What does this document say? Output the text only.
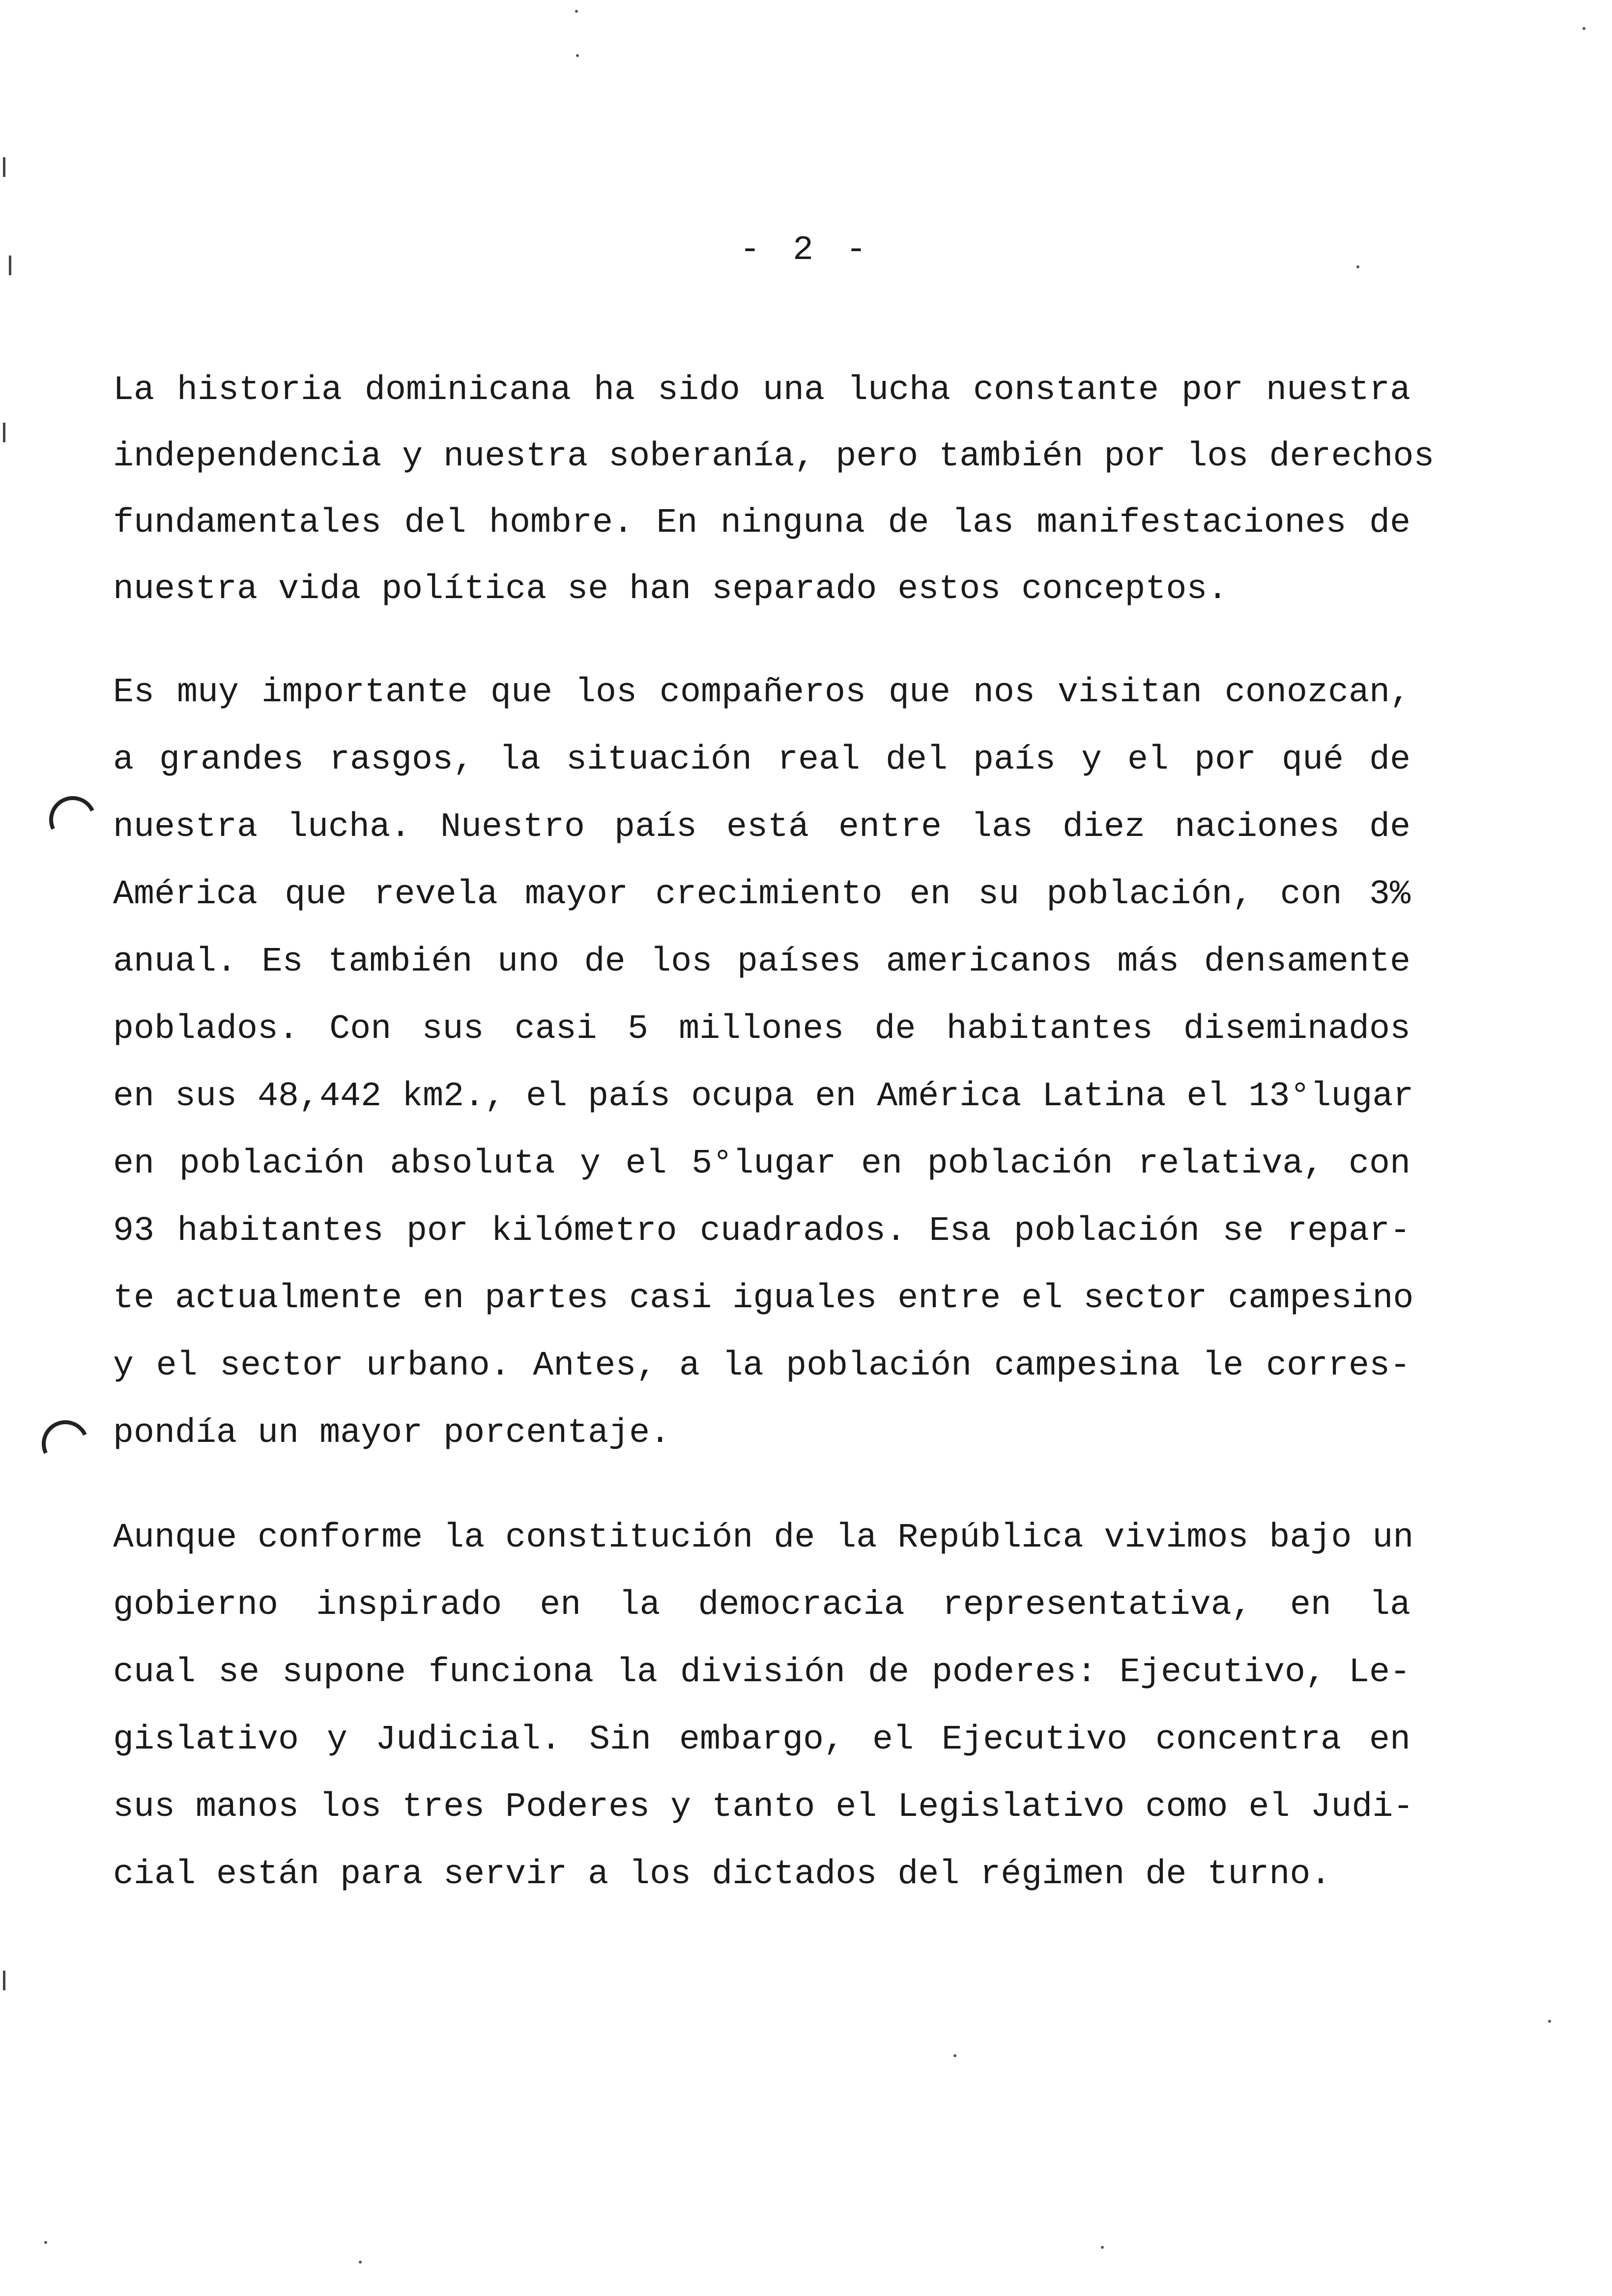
- 2 -
La historia dominicana ha sido una lucha constante por nuestra
independencia y nuestra soberanía, pero también por los derechos
fundamentales del hombre. En ninguna de las manifestaciones de
nuestra vida política se han separado estos conceptos.
Es muy importante que los compañeros que nos visitan conozcan,
a grandes rasgos, la situación real del país y el por qué de
nuestra lucha. Nuestro país está entre las diez naciones de
América que revela mayor crecimiento en su población, con 3%
anual. Es también uno de los países americanos más densamente
poblados. Con sus casi 5 millones de habitantes diseminados
en sus 48,442 km2., el país ocupa en América Latina el 13°lugar
en población absoluta y el 5°lugar en población relativa, con
93 habitantes por kilómetro cuadrados. Esa población se repar-
te actualmente en partes casi iguales entre el sector campesino
y el sector urbano. Antes, a la población campesina le corres-
pondía un mayor porcentaje.
Aunque conforme la constitución de la República vivimos bajo un
gobierno inspirado en la democracia representativa, en la
cual se supone funciona la división de poderes: Ejecutivo, Le-
gislativo y Judicial. Sin embargo, el Ejecutivo concentra en
sus manos los tres Poderes y tanto el Legislativo como el Judi-
cial están para servir a los dictados del régimen de turno.
